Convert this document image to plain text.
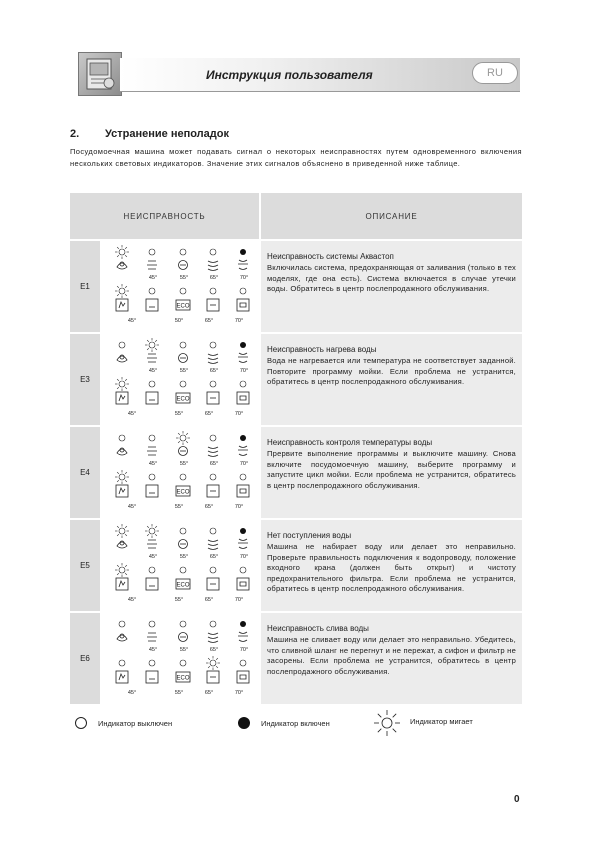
Инструкция пользователя	RU
2. Устранение неполадок
Посудомоечная машина может подавать сигнал о некоторых неисправностях путем одновременного включения нескольких световых индикаторов. Значение этих сигналов объяснено в приведенной ниже таблице.
НЕИСПРАВНОСТЬ	ОПИСАНИЕ
E1
45°	55°	65°	70°
ECO
45°	50°	65°	70°
Неисправность системы Аквастоп
Включилась система, предохраняющая от заливания (только в тех моделях, где она есть). Система включается в случае утечки воды. Обратитесь в центр послепродажного обслуживания.
E3
45°	55°	65°	70°
ECO
45°	55°	65°	70°
Неисправность нагрева воды
Вода не нагревается или температура не соответствует заданной. Повторите программу мойки. Если проблема не устранится, обратитесь в центр послепродажного обслуживания.
E4
45°	55°	65°	70°
ECO
45°	55°	65°	70°
Неисправность контроля температуры воды
Прервите выполнение программы и выключите машину. Снова включите посудомоечную машину, выберите программу и запустите цикл мойки. Если проблема не устранится, обратитесь в центр послепродажного обслуживания.
E5
45°	55°	65°	70°
ECO
45°	55°	65°	70°
Нет поступления воды
Машина не набирает воду или делает это неправильно. Проверьте правильность подключения к водопроводу, положение входного крана (должен быть открыт) и чистоту предохранительного фильтра. Если проблема не устранится, обратитесь в центр послепродажного обслуживания.
E6
45°	55°	65°	70°
ECO
45°	55°	65°	70°
Неисправность слива воды
Машина не сливает воду или делает это неправильно. Убедитесь, что сливной шланг не перегнут и не пережат, а сифон и фильтр не засорены. Если проблема не устранится, обратитесь в центр послепродажного обслуживания.
Индикатор выключен	Индикатор включен	Индикатор мигает
0
